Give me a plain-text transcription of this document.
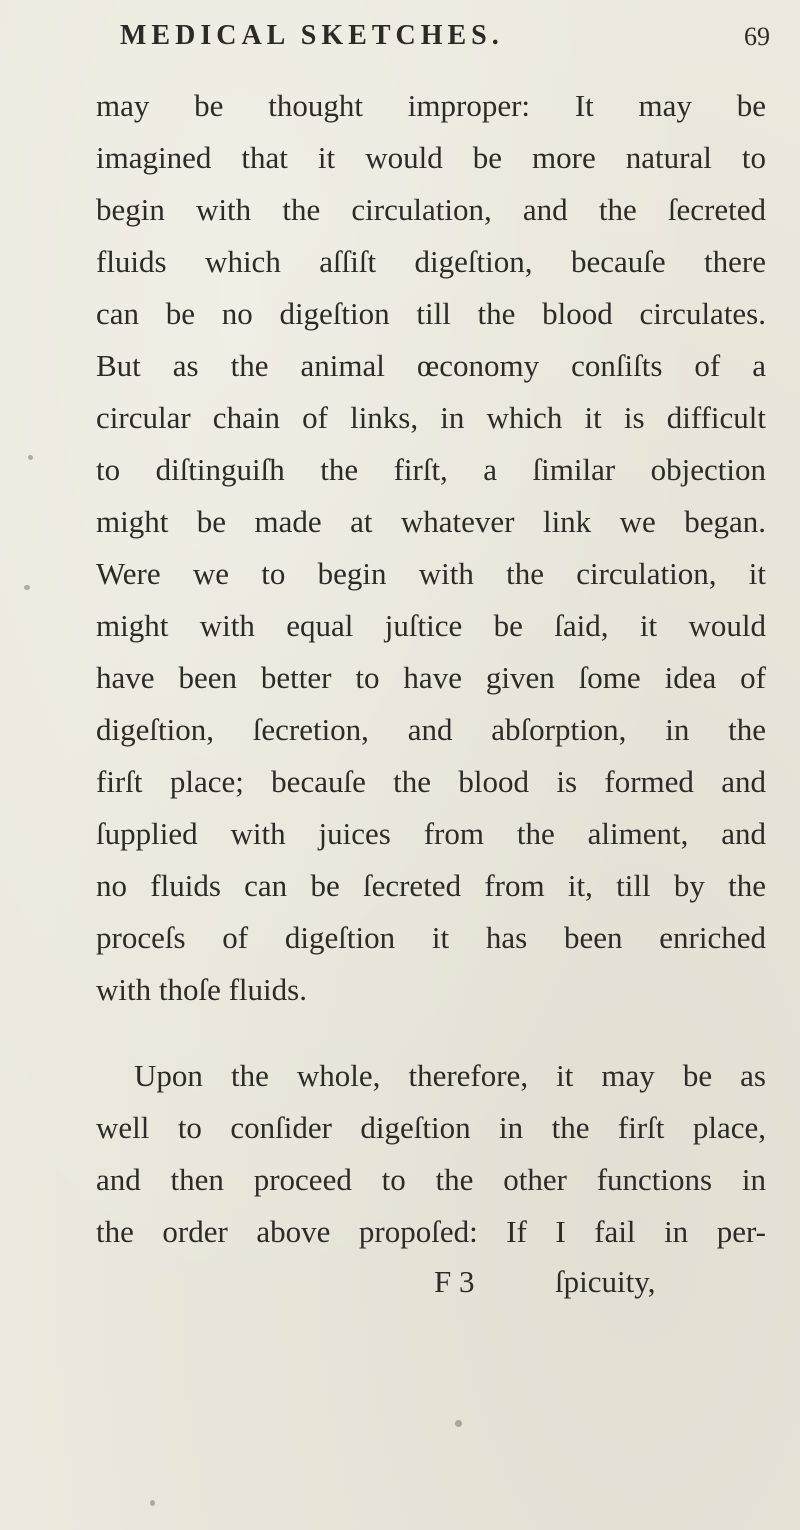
MEDICAL SKETCHES.	69
may be thought improper: It may be
imagined that it would be more natural to
begin with the circulation, and the ſecreted
fluids which aſſiſt digeſtion, becauſe there
can be no digeſtion till the blood circulates.
But as the animal œconomy conſiſts of a
circular chain of links, in which it is difficult
to diſtinguiſh the firſt, a ſimilar objection
might be made at whatever link we began.
Were we to begin with the circulation, it
might with equal juſtice be ſaid, it would
have been better to have given ſome idea of
digeſtion, ſecretion, and abſorption, in the
firſt place; becauſe the blood is formed and
ſupplied with juices from the aliment, and
no fluids can be ſecreted from it, till by the
proceſs of digeſtion it has been enriched
with thoſe fluids.
Upon the whole, therefore, it may be as
well to conſider digeſtion in the firſt place,
and then proceed to the other functions in
the order above propoſed: If I fail in per-
F 3	ſpicuity,
